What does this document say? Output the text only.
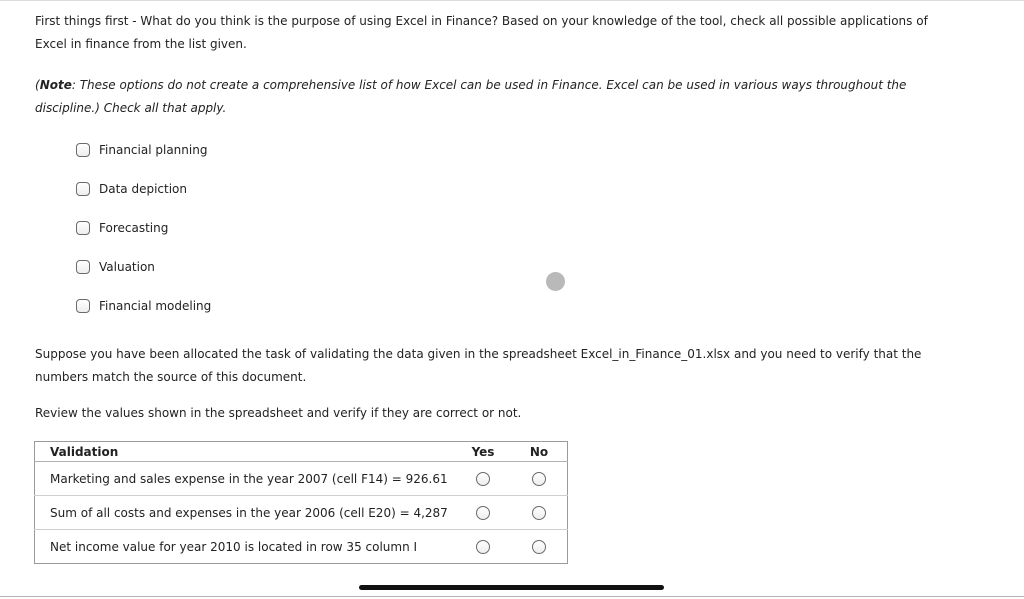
First things first - What do you think is the purpose of using Excel in Finance? Based on your knowledge of the tool, check all possible applications of Excel in finance from the list given.

(Note: These options do not create a comprehensive list of how Excel can be used in Finance. Excel can be used in various ways throughout the discipline.) Check all that apply.

Financial planning
Data depiction
Forecasting
Valuation
Financial modeling

Suppose you have been allocated the task of validating the data given in the spreadsheet Excel_in_Finance_01.xlsx and you need to verify that the numbers match the source of this document.

Review the values shown in the spreadsheet and verify if they are correct or not.

Validation	Yes	No
Marketing and sales expense in the year 2007 (cell F14) = 926.61		
Sum of all costs and expenses in the year 2006 (cell E20) = 4,287		
Net income value for year 2010 is located in row 35 column I		
